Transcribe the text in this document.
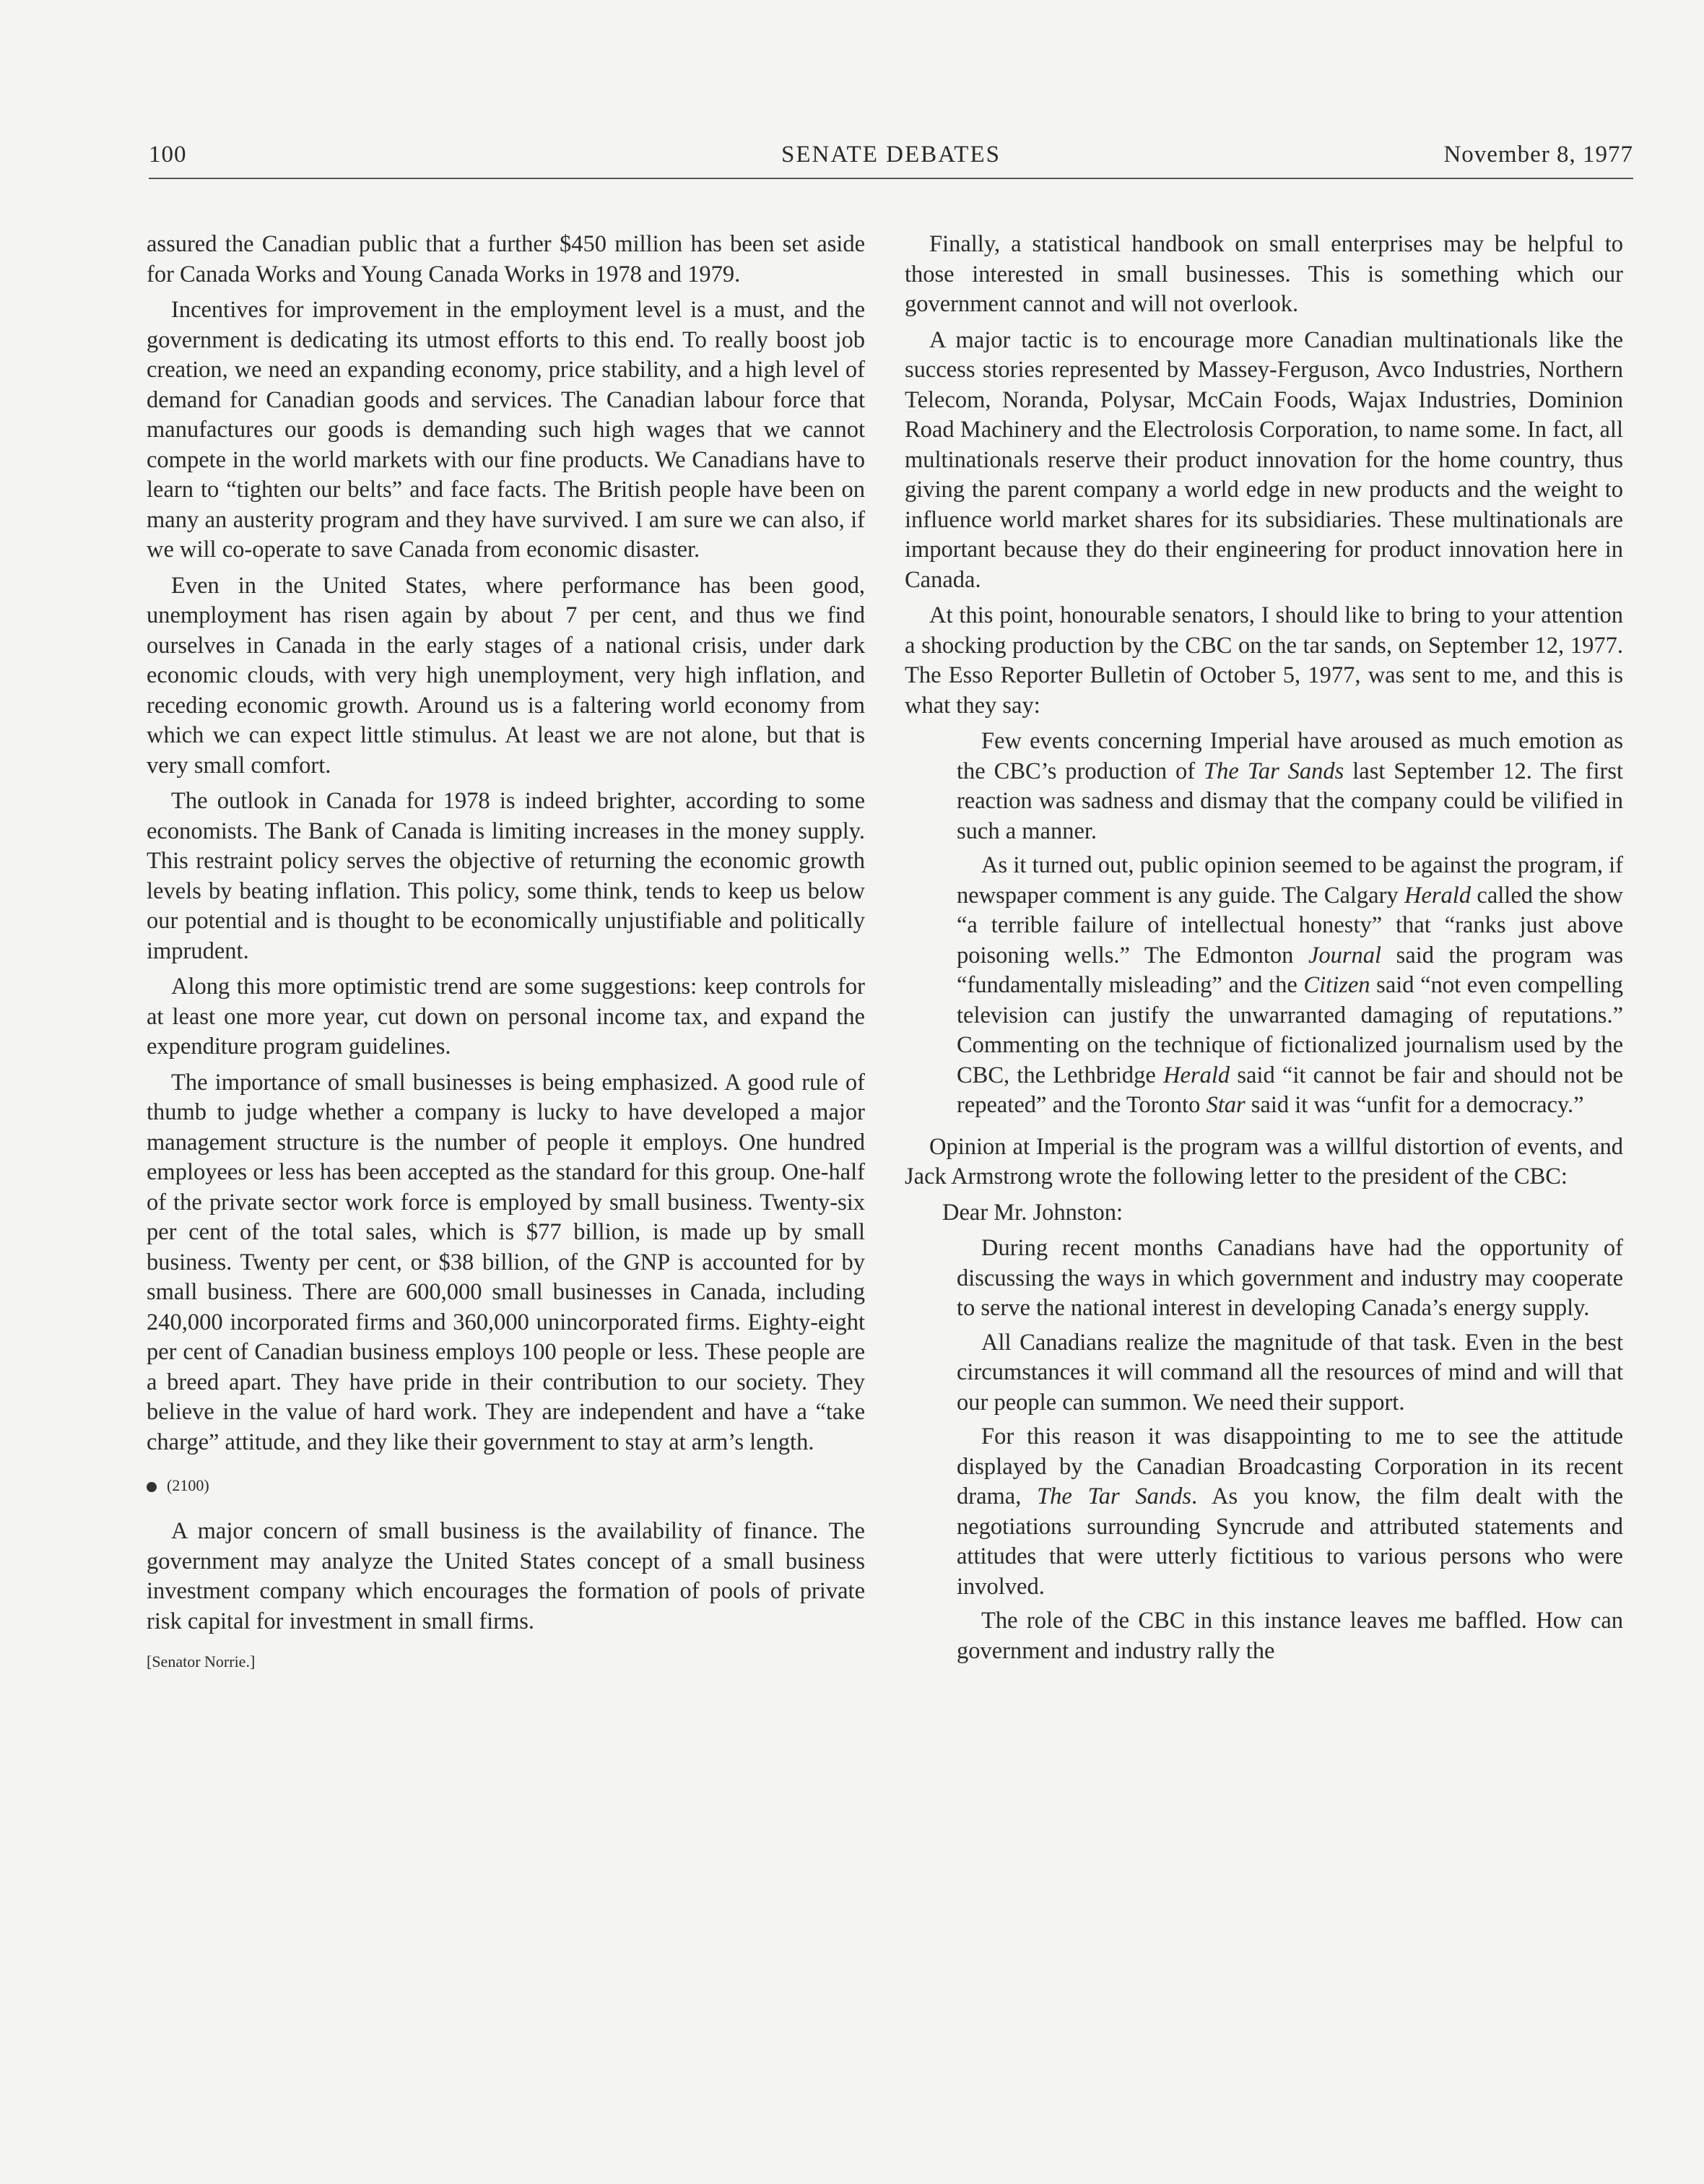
100	SENATE DEBATES	November 8, 1977

assured the Canadian public that a further $450 million has been set aside for Canada Works and Young Canada Works in 1978 and 1979.

Incentives for improvement in the employment level is a must, and the government is dedicating its utmost efforts to this end. To really boost job creation, we need an expanding economy, price stability, and a high level of demand for Canadian goods and services. The Canadian labour force that manufactures our goods is demanding such high wages that we cannot compete in the world markets with our fine products. We Canadians have to learn to “tighten our belts” and face facts. The British people have been on many an austerity program and they have survived. I am sure we can also, if we will co-operate to save Canada from economic disaster.

Even in the United States, where performance has been good, unemployment has risen again by about 7 per cent, and thus we find ourselves in Canada in the early stages of a national crisis, under dark economic clouds, with very high unemployment, very high inflation, and receding economic growth. Around us is a faltering world economy from which we can expect little stimulus. At least we are not alone, but that is very small comfort.

The outlook in Canada for 1978 is indeed brighter, according to some economists. The Bank of Canada is limiting increases in the money supply. This restraint policy serves the objective of returning the economic growth levels by beating inflation. This policy, some think, tends to keep us below our potential and is thought to be economically unjustifiable and politically imprudent.

Along this more optimistic trend are some suggestions: keep controls for at least one more year, cut down on personal income tax, and expand the expenditure program guidelines.

The importance of small businesses is being emphasized. A good rule of thumb to judge whether a company is lucky to have developed a major management structure is the number of people it employs. One hundred employees or less has been accepted as the standard for this group. One-half of the private sector work force is employed by small business. Twenty-six per cent of the total sales, which is $77 billion, is made up by small business. Twenty per cent, or $38 billion, of the GNP is accounted for by small business. There are 600,000 small businesses in Canada, including 240,000 incorporated firms and 360,000 unincorporated firms. Eighty-eight per cent of Canadian business employs 100 people or less. These people are a breed apart. They have pride in their contribution to our society. They believe in the value of hard work. They are independent and have a “take charge” attitude, and they like their government to stay at arm’s length.

(2100)

A major concern of small business is the availability of finance. The government may analyze the United States concept of a small business investment company which encourages the formation of pools of private risk capital for investment in small firms.

[Senator Norrie.]

Finally, a statistical handbook on small enterprises may be helpful to those interested in small businesses. This is something which our government cannot and will not overlook.

A major tactic is to encourage more Canadian multinationals like the success stories represented by Massey-Ferguson, Avco Industries, Northern Telecom, Noranda, Polysar, McCain Foods, Wajax Industries, Dominion Road Machinery and the Electrolosis Corporation, to name some. In fact, all multinationals reserve their product innovation for the home country, thus giving the parent company a world edge in new products and the weight to influence world market shares for its subsidiaries. These multinationals are important because they do their engineering for product innovation here in Canada.

At this point, honourable senators, I should like to bring to your attention a shocking production by the CBC on the tar sands, on September 12, 1977. The Esso Reporter Bulletin of October 5, 1977, was sent to me, and this is what they say:

Few events concerning Imperial have aroused as much emotion as the CBC’s production of The Tar Sands last September 12. The first reaction was sadness and dismay that the company could be vilified in such a manner.

As it turned out, public opinion seemed to be against the program, if newspaper comment is any guide. The Calgary Herald called the show “a terrible failure of intellectual honesty” that “ranks just above poisoning wells.” The Edmonton Journal said the program was “fundamentally misleading” and the Citizen said “not even compelling television can justify the unwarranted damaging of reputations.” Commenting on the technique of fictionalized journalism used by the CBC, the Lethbridge Herald said “it cannot be fair and should not be repeated” and the Toronto Star said it was “unfit for a democracy.”

Opinion at Imperial is the program was a willful distortion of events, and Jack Armstrong wrote the following letter to the president of the CBC:

Dear Mr. Johnston:

During recent months Canadians have had the opportunity of discussing the ways in which government and industry may cooperate to serve the national interest in developing Canada’s energy supply.

All Canadians realize the magnitude of that task. Even in the best circumstances it will command all the resources of mind and will that our people can summon. We need their support.

For this reason it was disappointing to me to see the attitude displayed by the Canadian Broadcasting Corporation in its recent drama, The Tar Sands. As you know, the film dealt with the negotiations surrounding Syncrude and attributed statements and attitudes that were utterly fictitious to various persons who were involved.

The role of the CBC in this instance leaves me baffled. How can government and industry rally the
